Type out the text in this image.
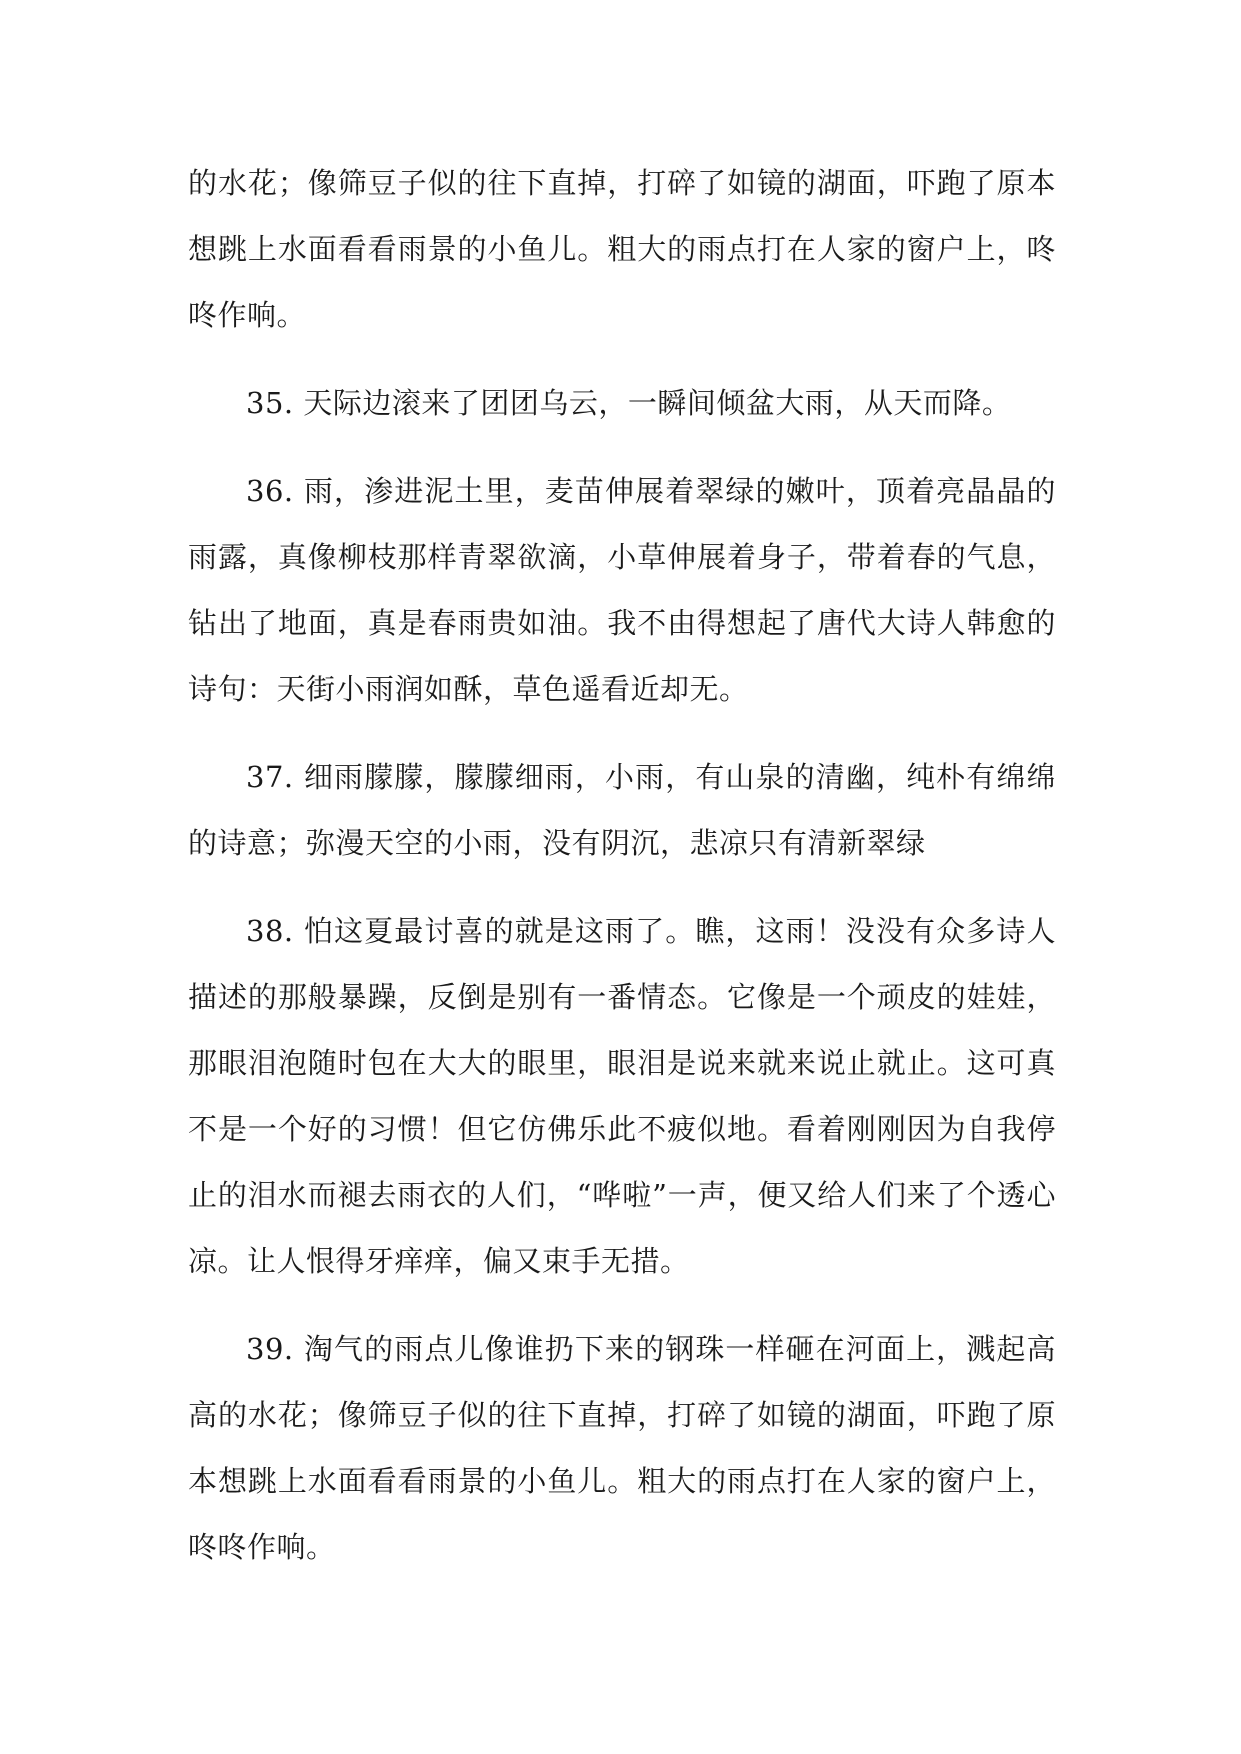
的水花；像筛豆子似的往下直掉，打碎了如镜的湖面，吓跑了原本想跳上水面看看雨景的小鱼儿。粗大的雨点打在人家的窗户上，咚咚作响。

35. 天际边滚来了团团乌云，一瞬间倾盆大雨，从天而降。

36. 雨，渗进泥土里，麦苗伸展着翠绿的嫩叶，顶着亮晶晶的雨露，真像柳枝那样青翠欲滴，小草伸展着身子，带着春的气息，钻出了地面，真是春雨贵如油。我不由得想起了唐代大诗人韩愈的诗句：天街小雨润如酥，草色遥看近却无。

37. 细雨朦朦，朦朦细雨，小雨，有山泉的清幽，纯朴有绵绵的诗意；弥漫天空的小雨，没有阴沉，悲凉只有清新翠绿

38. 怕这夏最讨喜的就是这雨了。瞧，这雨！没没有众多诗人描述的那般暴躁，反倒是别有一番情态。它像是一个顽皮的娃娃，那眼泪泡随时包在大大的眼里，眼泪是说来就来说止就止。这可真不是一个好的习惯！但它仿佛乐此不疲似地。看着刚刚因为自我停止的泪水而褪去雨衣的人们，“哗啦”一声，便又给人们来了个透心凉。让人恨得牙痒痒，偏又束手无措。

39. 淘气的雨点儿像谁扔下来的钢珠一样砸在河面上，溅起高高的水花；像筛豆子似的往下直掉，打碎了如镜的湖面，吓跑了原本想跳上水面看看雨景的小鱼儿。粗大的雨点打在人家的窗户上，咚咚作响。
